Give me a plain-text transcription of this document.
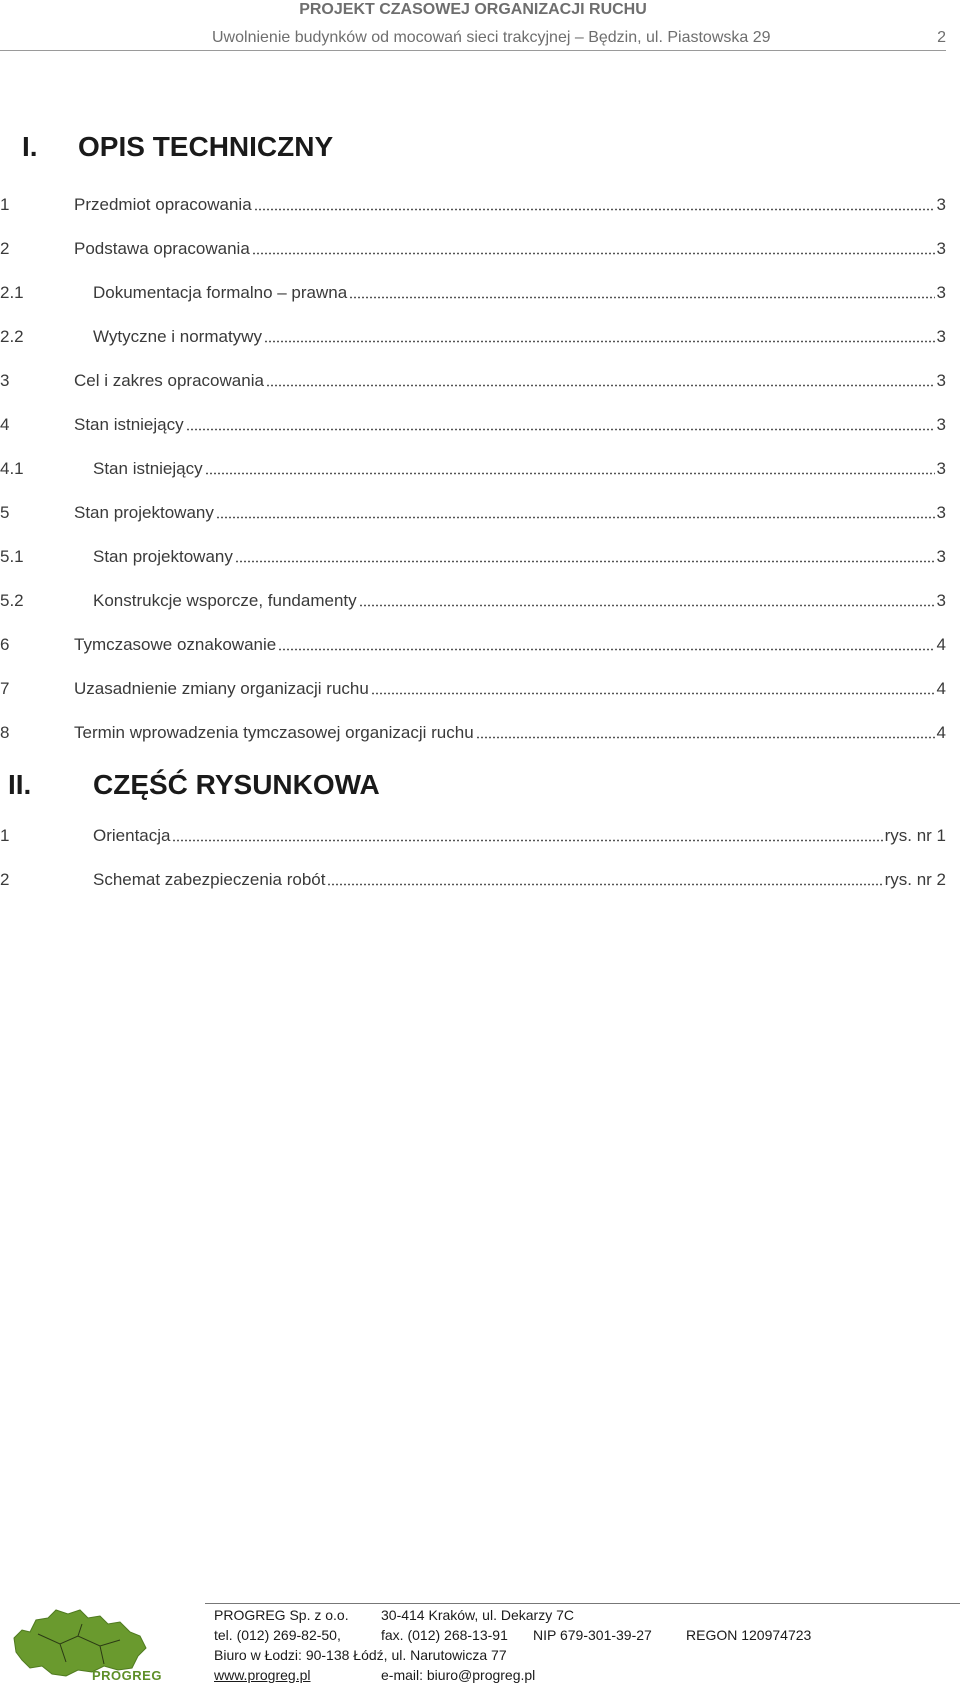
PROJEKT CZASOWEJ ORGANIZACJI RUCHU
Uwolnienie budynków od mocowań sieci trakcyjnej – Będzin, ul. Piastowska 29	2
I. OPIS TECHNICZNY
1	Przedmiot opracowania	3
2	Podstawa opracowania	3
2.1	Dokumentacja formalno – prawna	3
2.2	Wytyczne i normatywy	3
3	Cel i zakres opracowania	3
4	Stan istniejący	3
4.1	Stan istniejący	3
5	Stan projektowany	3
5.1	Stan projektowany	3
5.2	Konstrukcje wsporcze, fundamenty	3
6	Tymczasowe oznakowanie	4
7	Uzasadnienie zmiany organizacji ruchu	4
8	Termin wprowadzenia tymczasowej organizacji ruchu	4
II. CZĘŚĆ RYSUNKOWA
1	Orientacja	rys. nr 1
2	Schemat zabezpieczenia robót	rys. nr 2
PROGREG
PROGREG Sp. z o.o. 30-414 Kraków, ul. Dekarzy 7C
tel. (012) 269-82-50,	fax. (012) 268-13-91 NIP 679-301-39-27 REGON 120974723
Biuro w Łodzi: 90-138 Łódź, ul. Narutowicza 77
www.progreg.pl	e-mail: biuro@progreg.pl
